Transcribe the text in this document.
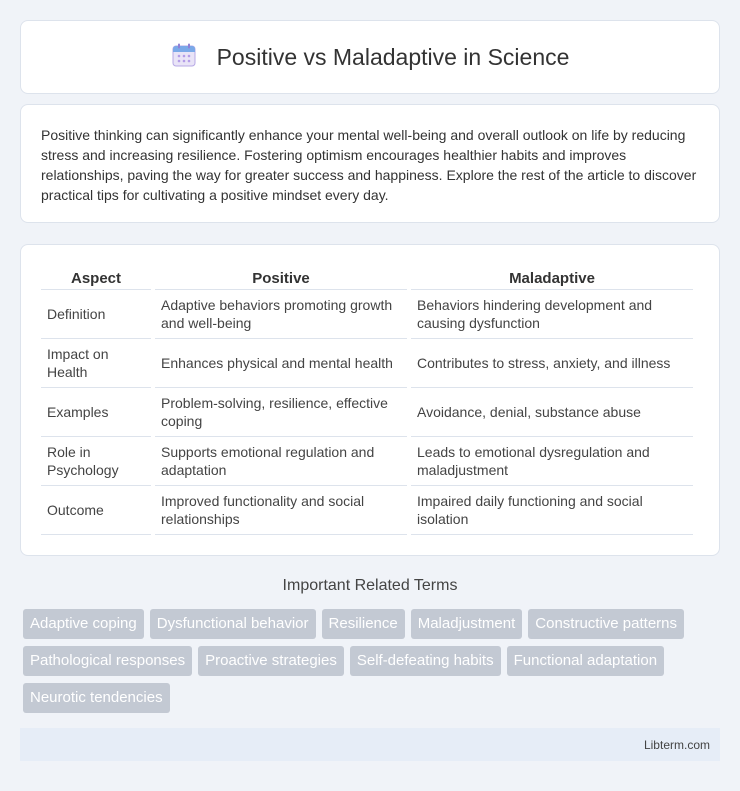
Positive vs Maladaptive in Science

Positive thinking can significantly enhance your mental well-being and overall outlook on life by reducing stress and increasing resilience. Fostering optimism encourages healthier habits and improves relationships, paving the way for greater success and happiness. Explore the rest of the article to discover practical tips for cultivating a positive mindset every day.

Aspect	Positive	Maladaptive
Definition	Adaptive behaviors promoting growth and well-being	Behaviors hindering development and causing dysfunction
Impact on Health	Enhances physical and mental health	Contributes to stress, anxiety, and illness
Examples	Problem-solving, resilience, effective coping	Avoidance, denial, substance abuse
Role in Psychology	Supports emotional regulation and adaptation	Leads to emotional dysregulation and maladjustment
Outcome	Improved functionality and social relationships	Impaired daily functioning and social isolation
Important Related Terms
Adaptive coping	Dysfunctional behavior	Resilience	Maladjustment	Constructive patterns
Pathological responses	Proactive strategies	Self-defeating habits	Functional adaptation
Neurotic tendencies
Libterm.com
